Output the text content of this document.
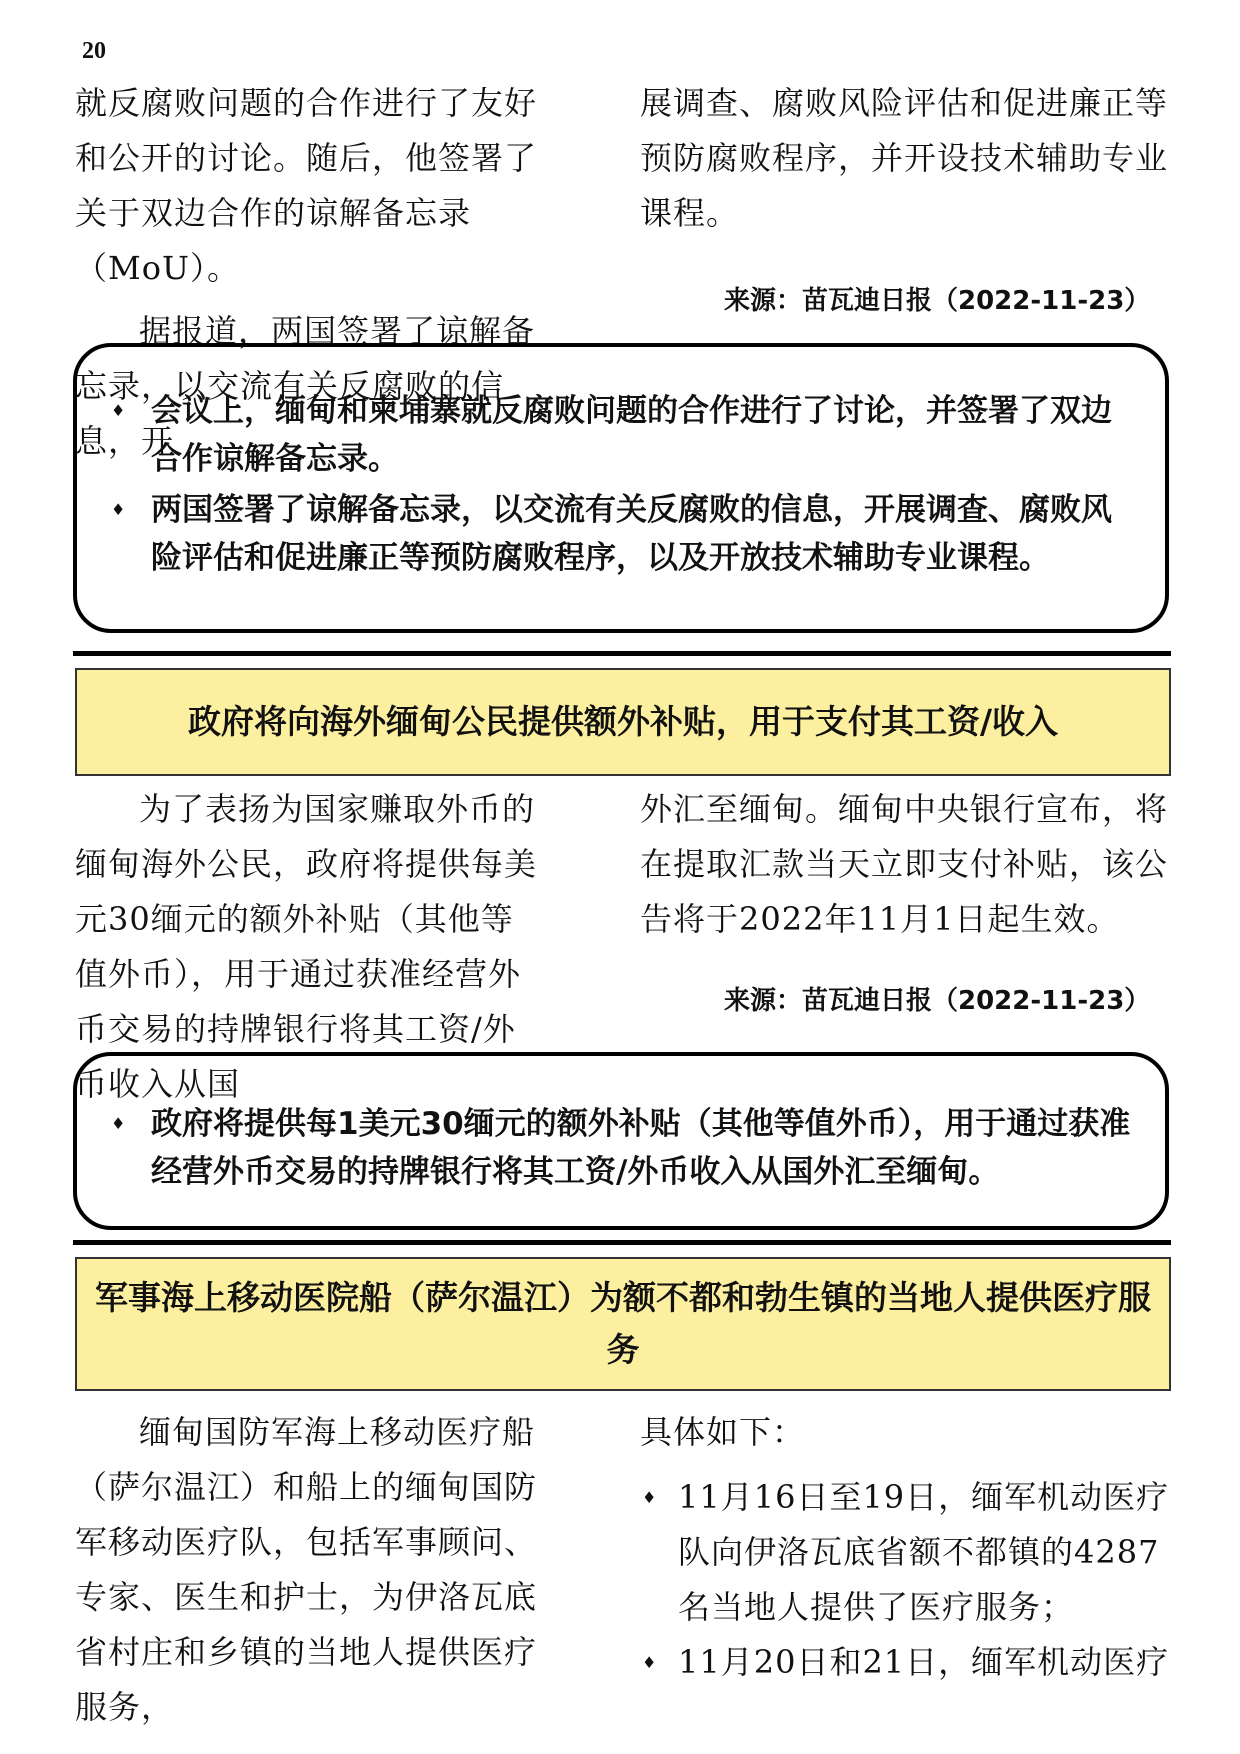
20

就反腐败问题的合作进行了友好和公开的讨论。随后，他签署了关于双边合作的谅解备忘录（MoU）。

据报道，两国签署了谅解备忘录，以交流有关反腐败的信息，开

展调查、腐败风险评估和促进廉正等预防腐败程序，并开设技术辅助专业课程。

来源：苗瓦迪日报（2022-11-23）
♦ 会议上，缅甸和柬埔寨就反腐败问题的合作进行了讨论，并签署了双边合作谅解备忘录。
♦ 两国签署了谅解备忘录，以交流有关反腐败的信息，开展调查、腐败风险评估和促进廉正等预防腐败程序，以及开放技术辅助专业课程。
政府将向海外缅甸公民提供额外补贴，用于支付其工资/收入

为了表扬为国家赚取外币的缅甸海外公民，政府将提供每美元30缅元的额外补贴（其他等值外币），用于通过获准经营外币交易的持牌银行将其工资/外币收入从国

外汇至缅甸。缅甸中央银行宣布，将在提取汇款当天立即支付补贴，该公告将于2022年11月1日起生效。

来源：苗瓦迪日报（2022-11-23）
♦ 政府将提供每1美元30缅元的额外补贴（其他等值外币），用于通过获准经营外币交易的持牌银行将其工资/外币收入从国外汇至缅甸。
军事海上移动医院船（萨尔温江）为额不都和勃生镇的当地人提供医疗服务

缅甸国防军海上移动医疗船（萨尔温江）和船上的缅甸国防军移动医疗队，包括军事顾问、专家、医生和护士，为伊洛瓦底省村庄和乡镇的当地人提供医疗服务，

具体如下：

♦ 11月16日至19日，缅军机动医疗队向伊洛瓦底省额不都镇的4287名当地人提供了医疗服务；
♦ 11月20日和21日，缅军机动医疗
